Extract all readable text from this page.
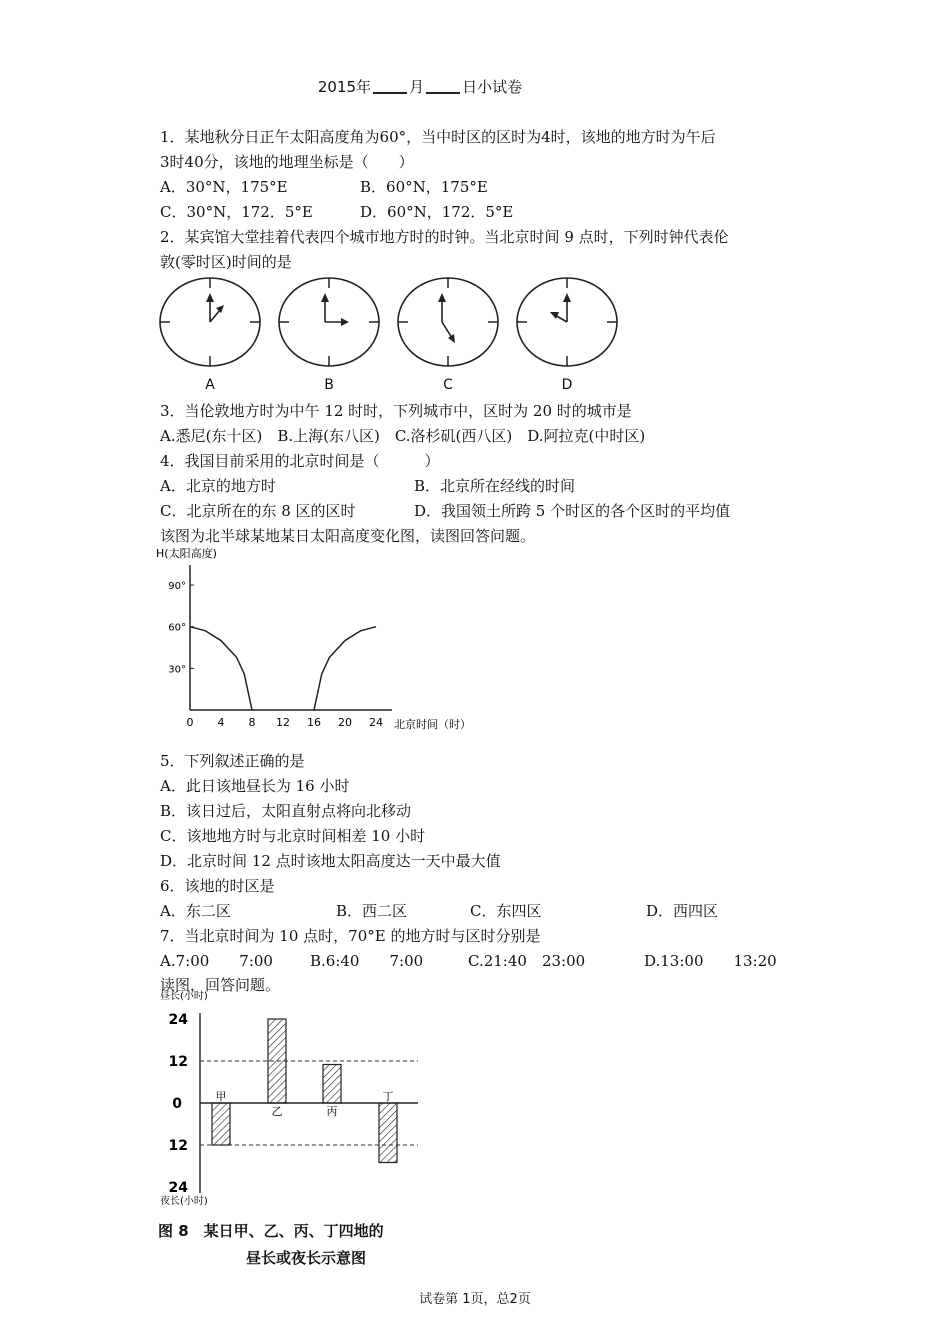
2015年	月	日小试卷
1．某地秋分日正午太阳高度角为60°，当中时区的区时为4时，该地的地方时为午后
3时40分，该地的地理坐标是（　　）
A．30°N，175°E	B．60°N，175°E
C．30°N，172．5°E	D．60°N，172．5°E
2．某宾馆大堂挂着代表四个城市地方时的时钟。当北京时间 9 点时，下列时钟代表伦
敦(零时区)时间的是
A	B	C	D
3．当伦敦地方时为中午 12 时时，下列城市中，区时为 20 时的城市是
A.悉尼(东十区)　 B.上海(东八区)　 C.洛杉矶(西八区)　 D.阿拉克(中时区)
4．我国目前采用的北京时间是（　　　）
A．北京的地方时	B．北京所在经线的时间
C．北京所在的东 8 区的区时	D．我国领土所跨 5 个时区的各个区时的平均值
该图为北半球某地某日太阳高度变化图，读图回答问题。
H(太阳高度)
北京时间（时）
90°
60°
30°
0 4 8 12 16 20 24
5．下列叙述正确的是
A．此日该地昼长为 16 小时
B．该日过后，太阳直射点将向北移动
C．该地地方时与北京时间相差 10 小时
D．北京时间 12 点时该地太阳高度达一天中最大值
6．该地的时区是
A．东二区	B．西二区	C．东四区	D．西四区
7．当北京时间为 10 点时，70°E 的地方时与区时分别是
A.7:00　　7:00 B.6:40　　7:00	C.21:40　23:00	D.13:00　　13:20
读图，回答问题。
昼长(小时)
夜长(小时)
24
12
0
12
24
甲
乙	丙
丁
图 8　某日甲、乙、丙、丁四地的
昼长或夜长示意图
试卷第 1页，总2页
